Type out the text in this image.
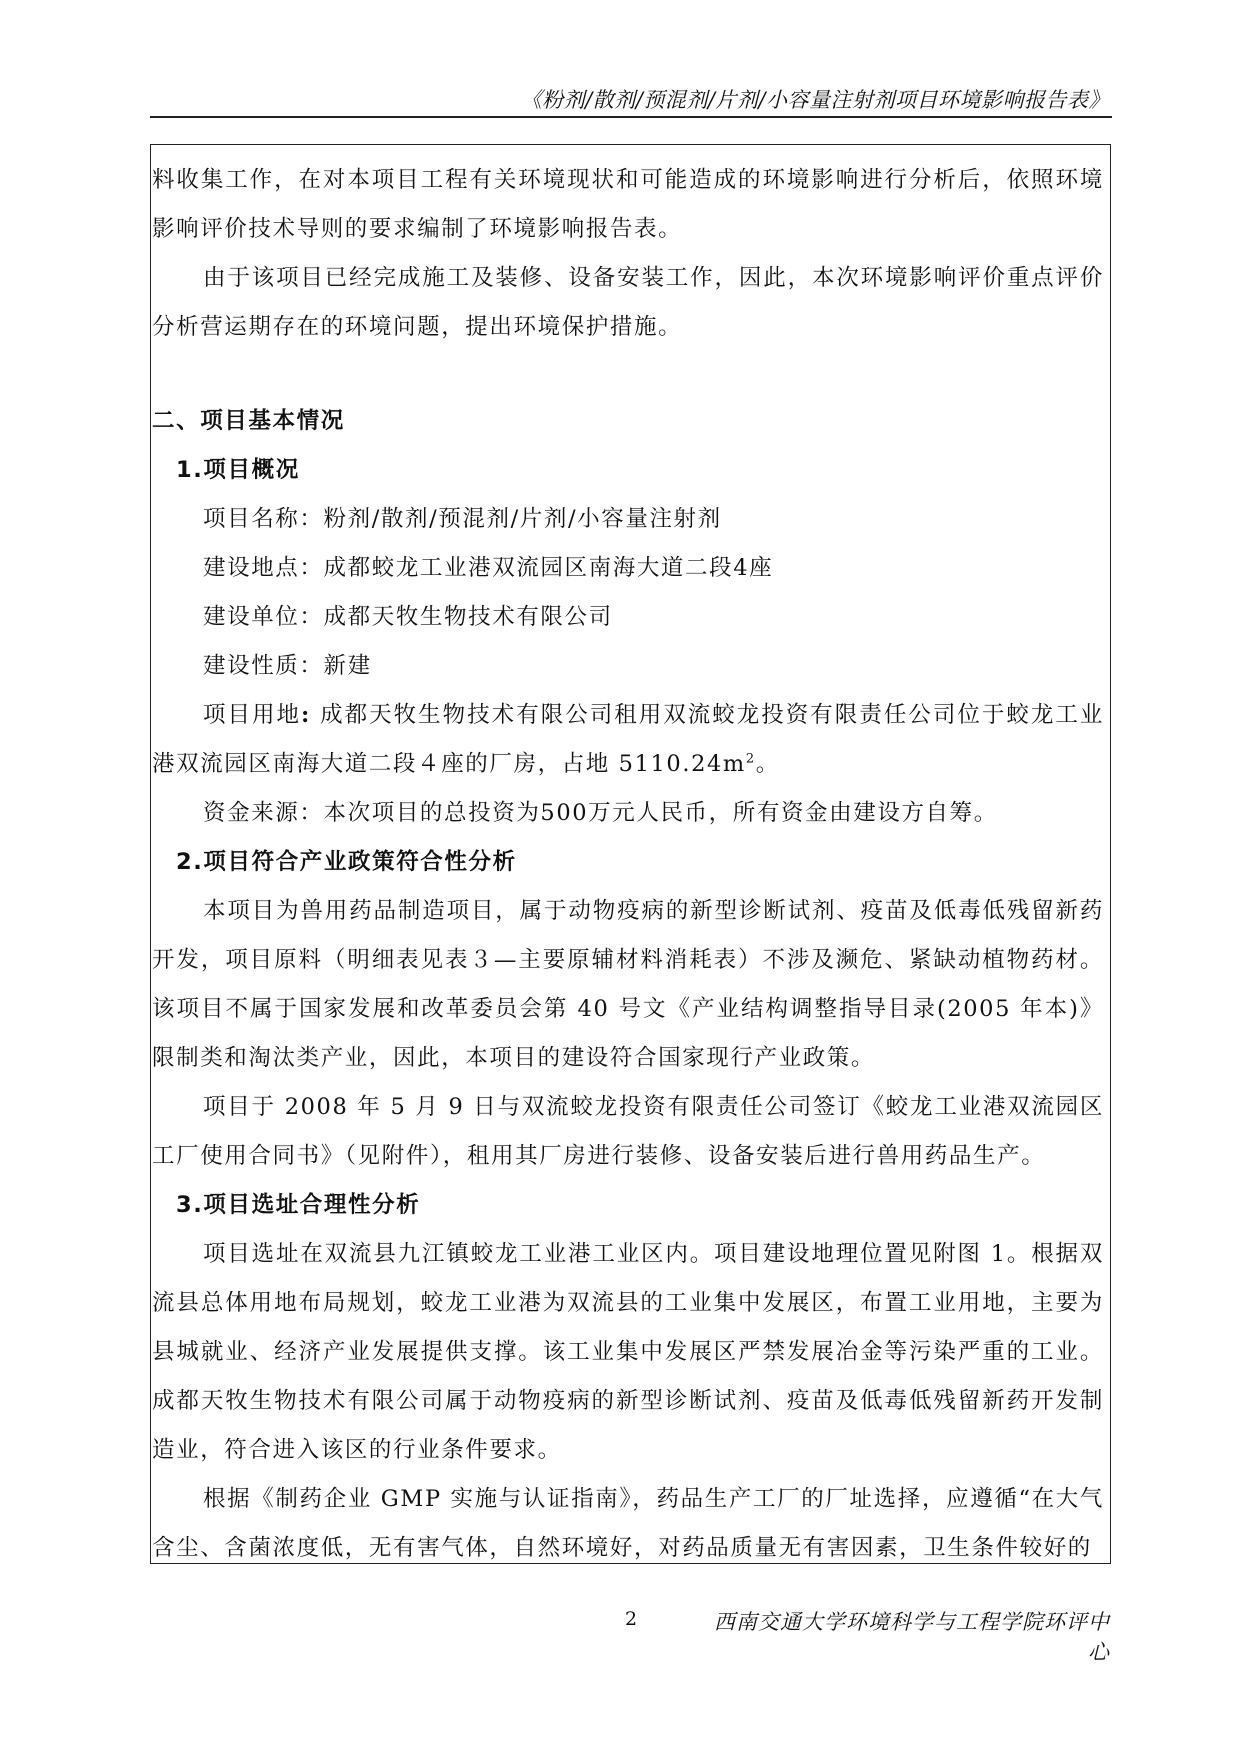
《粉剂/散剂/预混剂/片剂/小容量注射剂项目环境影响报告表》

料收集工作，在对本项目工程有关环境现状和可能造成的环境影响进行分析后，依照环境影响评价技术导则的要求编制了环境影响报告表。

由于该项目已经完成施工及装修、设备安装工作，因此，本次环境影响评价重点评价分析营运期存在的环境问题，提出环境保护措施。

二、项目基本情况

1.项目概况

项目名称：粉剂/散剂/预混剂/片剂/小容量注射剂

建设地点：成都蛟龙工业港双流园区南海大道二段4座

建设单位：成都天牧生物技术有限公司

建设性质：新建

项目用地: 成都天牧生物技术有限公司租用双流蛟龙投资有限责任公司位于蛟龙工业港双流园区南海大道二段４座的厂房，占地 $5110.24m^2$。

资金来源：本次项目的总投资为500万元人民币，所有资金由建设方自筹。

2.项目符合产业政策符合性分析

本项目为兽用药品制造项目，属于动物疫病的新型诊断试剂、疫苗及低毒低残留新药开发，项目原料（明细表见表３—主要原辅材料消耗表）不涉及濒危、紧缺动植物药材。该项目不属于国家发展和改革委员会第 40 号文《产业结构调整指导目录(2005 年本)》限制类和淘汰类产业，因此，本项目的建设符合国家现行产业政策。

项目于 2008 年 5 月 9 日与双流蛟龙投资有限责任公司签订《蛟龙工业港双流园区工厂使用合同书》（见附件），租用其厂房进行装修、设备安装后进行兽用药品生产。

3.项目选址合理性分析

项目选址在双流县九江镇蛟龙工业港工业区内。项目建设地理位置见附图 1。根据双流县总体用地布局规划，蛟龙工业港为双流县的工业集中发展区，布置工业用地，主要为县城就业、经济产业发展提供支撑。该工业集中发展区严禁发展冶金等污染严重的工业。成都天牧生物技术有限公司属于动物疫病的新型诊断试剂、疫苗及低毒低残留新药开发制造业，符合进入该区的行业条件要求。

根据《制药企业 GMP 实施与认证指南》，药品生产工厂的厂址选择，应遵循“在大气含尘、含菌浓度低，无有害气体，自然环境好，对药品质量无有害因素，卫生条件较好的

2	西南交通大学环境科学与工程学院环评中心
